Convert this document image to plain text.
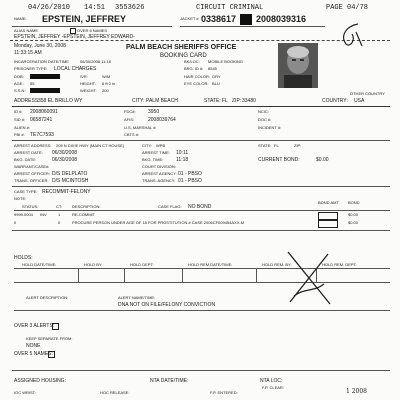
04/26/2010 14:51 3553626	CIRCUIT CRIMINAL	PAGE 04/78
NAME: EPSTEIN, JEFFREY	JACKET # 0338617 2008039316
ALIAS NAME	OVER 6 NAMES
EPSTEIN, JEFFREY -EPSTEIN, JEFFREY EDWARD-
Monday, June 30, 2008
11:33:15 AM
PALM BEACH SHERIFFS OFFICE
BOOKING CARD
INCARCERATION DATE/TIME	06/30/2008 11:18
PRISONER TYPE: LOCAL CHARGES
DOB:
AGE: 55
S.S.N:
S/R:	W/M
HEIGHT: 6 ft 0 in
WEIGHT: 200
BK/LOC: MOBILE BOOKING
BRG. ID #: 8545
HAIR COLOR: GRY
EYE COLOR: BLU
OTHER COUNTRY
ADDRESS:
358 EL BRILLO WY	CITY: PALM BEACH	STATE: FL ZIP: 33480	COUNTRY: USA
ID #: 2008060091
SID #: 06587241
ALIEN #:
FBI #: TE7C7593
FDC#: 3950
AFIS:	2008039764
U.S. MARSHAL #:
CBTS #:
NCIC:
DOC #:
INCIDENT #:
ARREST ADDRESS: 205 N DIXIE HWY (MAIN CT HOUSE)	CITY: WPB	STATE: FL	ZIP:
ARREST DATE: 06/30/2008	ARREST TIME: 10:11
BKG. DATE:	06/30/2008	BKG. TIME:	11:18	CURRENT BOND:	$0.00
WARRANT/CASE#:	COURT DIVISION:
ARREST OFFICER: D/S DELPLATO	ARREST AGENCY: 01 - PBSO
TRANS. OFFICER: D/S MCINTOSH	TRANS. AGENCY: 01 - PBSO
CASE TYPE: RECOMMIT-FELONY
NOTE:
STATUS:	CT:	DESCRIPTION:	CASE FLAG: NO BOND
BOND AMT BOND
9999.0004 INV	1	RE-COMMIT	$0.00
0	0	PROCURE PERSON UNDER AGE OF 18 FOR PROSTITUTION # CASE 2006CF009454AXX-M	$0.00
HOLDS:
HOLD DATE/TIME:	HOLD BY:	HOLD DEPT:	HOLD REM.DATE/TIME:	HOLD REM. BY:	HOLD REM. DEPT:
ALERT DESCRIPTION:	ALERT NAME/TIME:
DNA NOT ON FILE/FELONY CONVICTION
OVER 3 ALERTS:
KEEP SEPARATE FROM:
NONE
OVER 5 NAMES:
ASSIGNED HOUSING:	NTA DATE/TIME:	NTA LOC:
IOC WRIST:	HOC RELEASE:	F.P. ENTERED:
F.P. CLEAR:
1 2008
